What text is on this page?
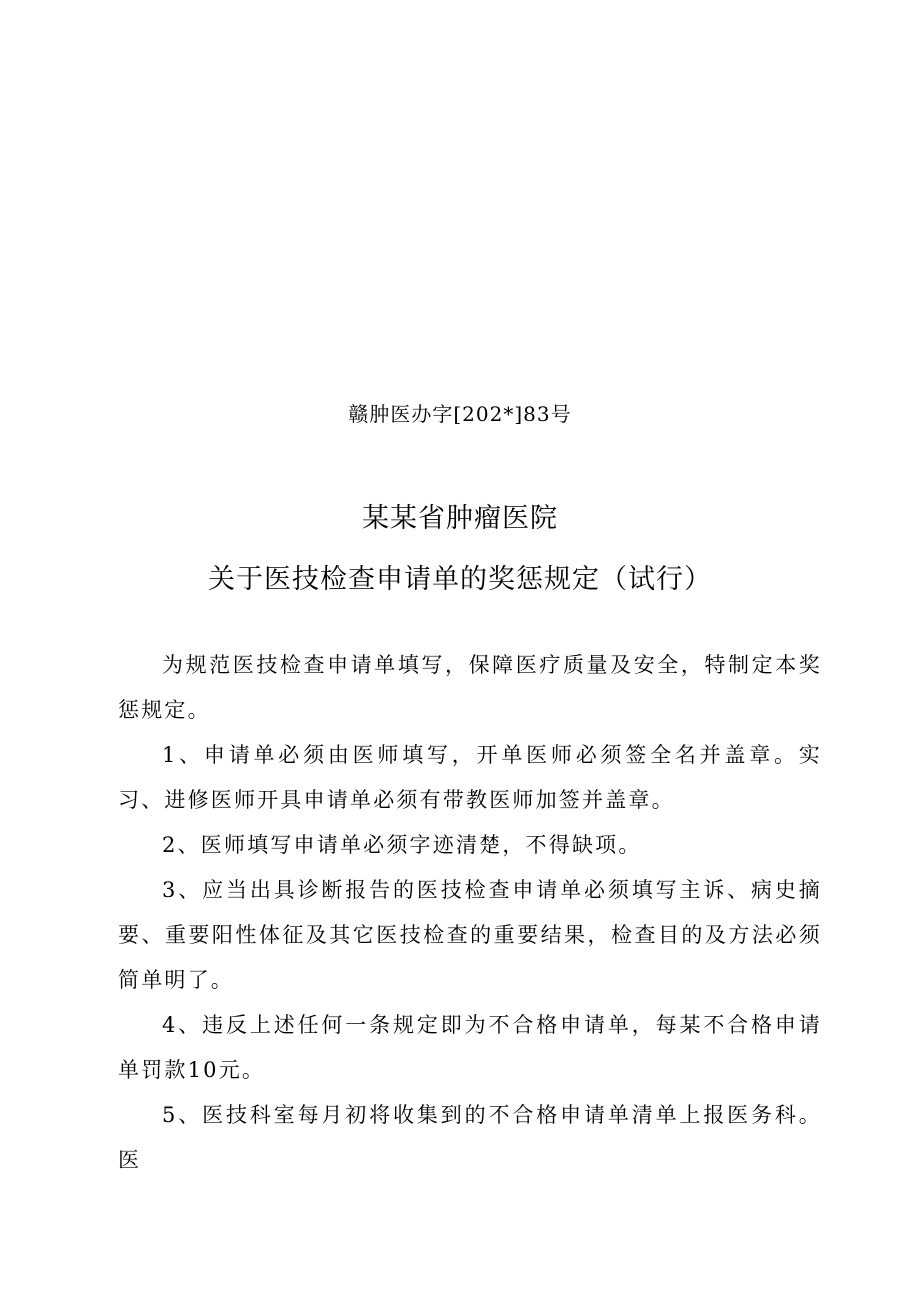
赣肿医办字[202*]83号
某某省肿瘤医院
关于医技检查申请单的奖惩规定（试行）

为规范医技检查申请单填写，保障医疗质量及安全，特制定本奖惩规定。

1、申请单必须由医师填写，开单医师必须签全名并盖章。实习、进修医师开具申请单必须有带教医师加签并盖章。

2、医师填写申请单必须字迹清楚，不得缺项。

3、应当出具诊断报告的医技检查申请单必须填写主诉、病史摘要、重要阳性体征及其它医技检查的重要结果，检查目的及方法必须简单明了。

4、违反上述任何一条规定即为不合格申请单，每某不合格申请单罚款10元。

5、医技科室每月初将收集到的不合格申请单清单上报医务科。医
